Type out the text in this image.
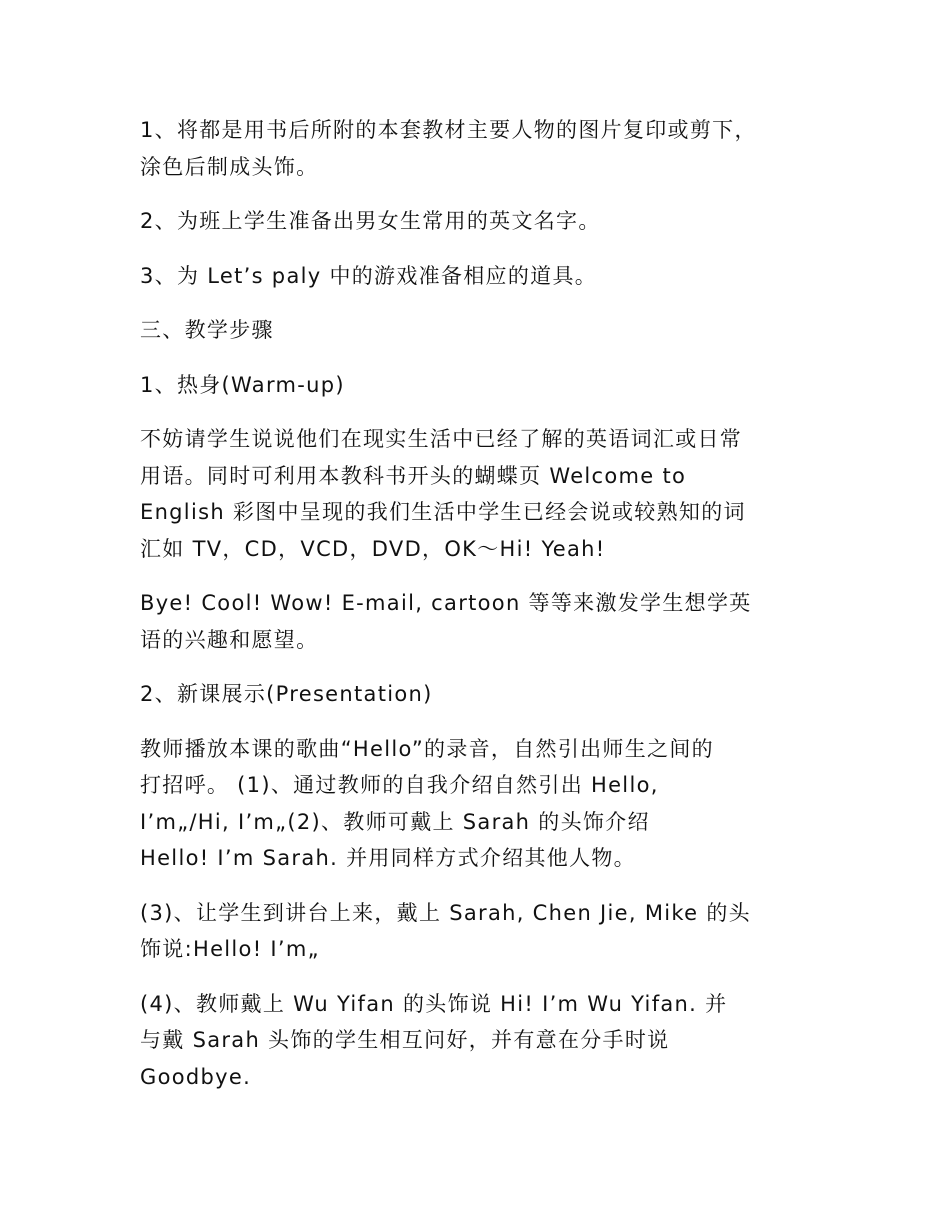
1、将都是用书后所附的本套教材主要人物的图片复印或剪下，
涂色后制成头饰。

2、为班上学生准备出男女生常用的英文名字。

3、为 Let’s paly 中的游戏准备相应的道具。

三、教学步骤

1、热身(Warm-up)

不妨请学生说说他们在现实生活中已经了解的英语词汇或日常
用语。同时可利用本教科书开头的蝴蝶页 Welcome to
English 彩图中呈现的我们生活中学生已经会说或较熟知的词
汇如 TV，CD，VCD，DVD，OK～Hi! Yeah!

Bye! Cool! Wow! E-mail, cartoon 等等来激发学生想学英
语的兴趣和愿望。

2、新课展示(Presentation)

教师播放本课的歌曲“Hello”的录音，自然引出师生之间的
打招呼。 (1)、通过教师的自我介绍自然引出 Hello,
I’m„/Hi, I’m„(2)、教师可戴上 Sarah 的头饰介绍
Hello! I’m Sarah. 并用同样方式介绍其他人物。

(3)、让学生到讲台上来，戴上 Sarah, Chen Jie, Mike 的头
饰说:Hello! I’m„

(4)、教师戴上 Wu Yifan 的头饰说 Hi! I’m Wu Yifan. 并
与戴 Sarah 头饰的学生相互问好，并有意在分手时说
Goodbye.
